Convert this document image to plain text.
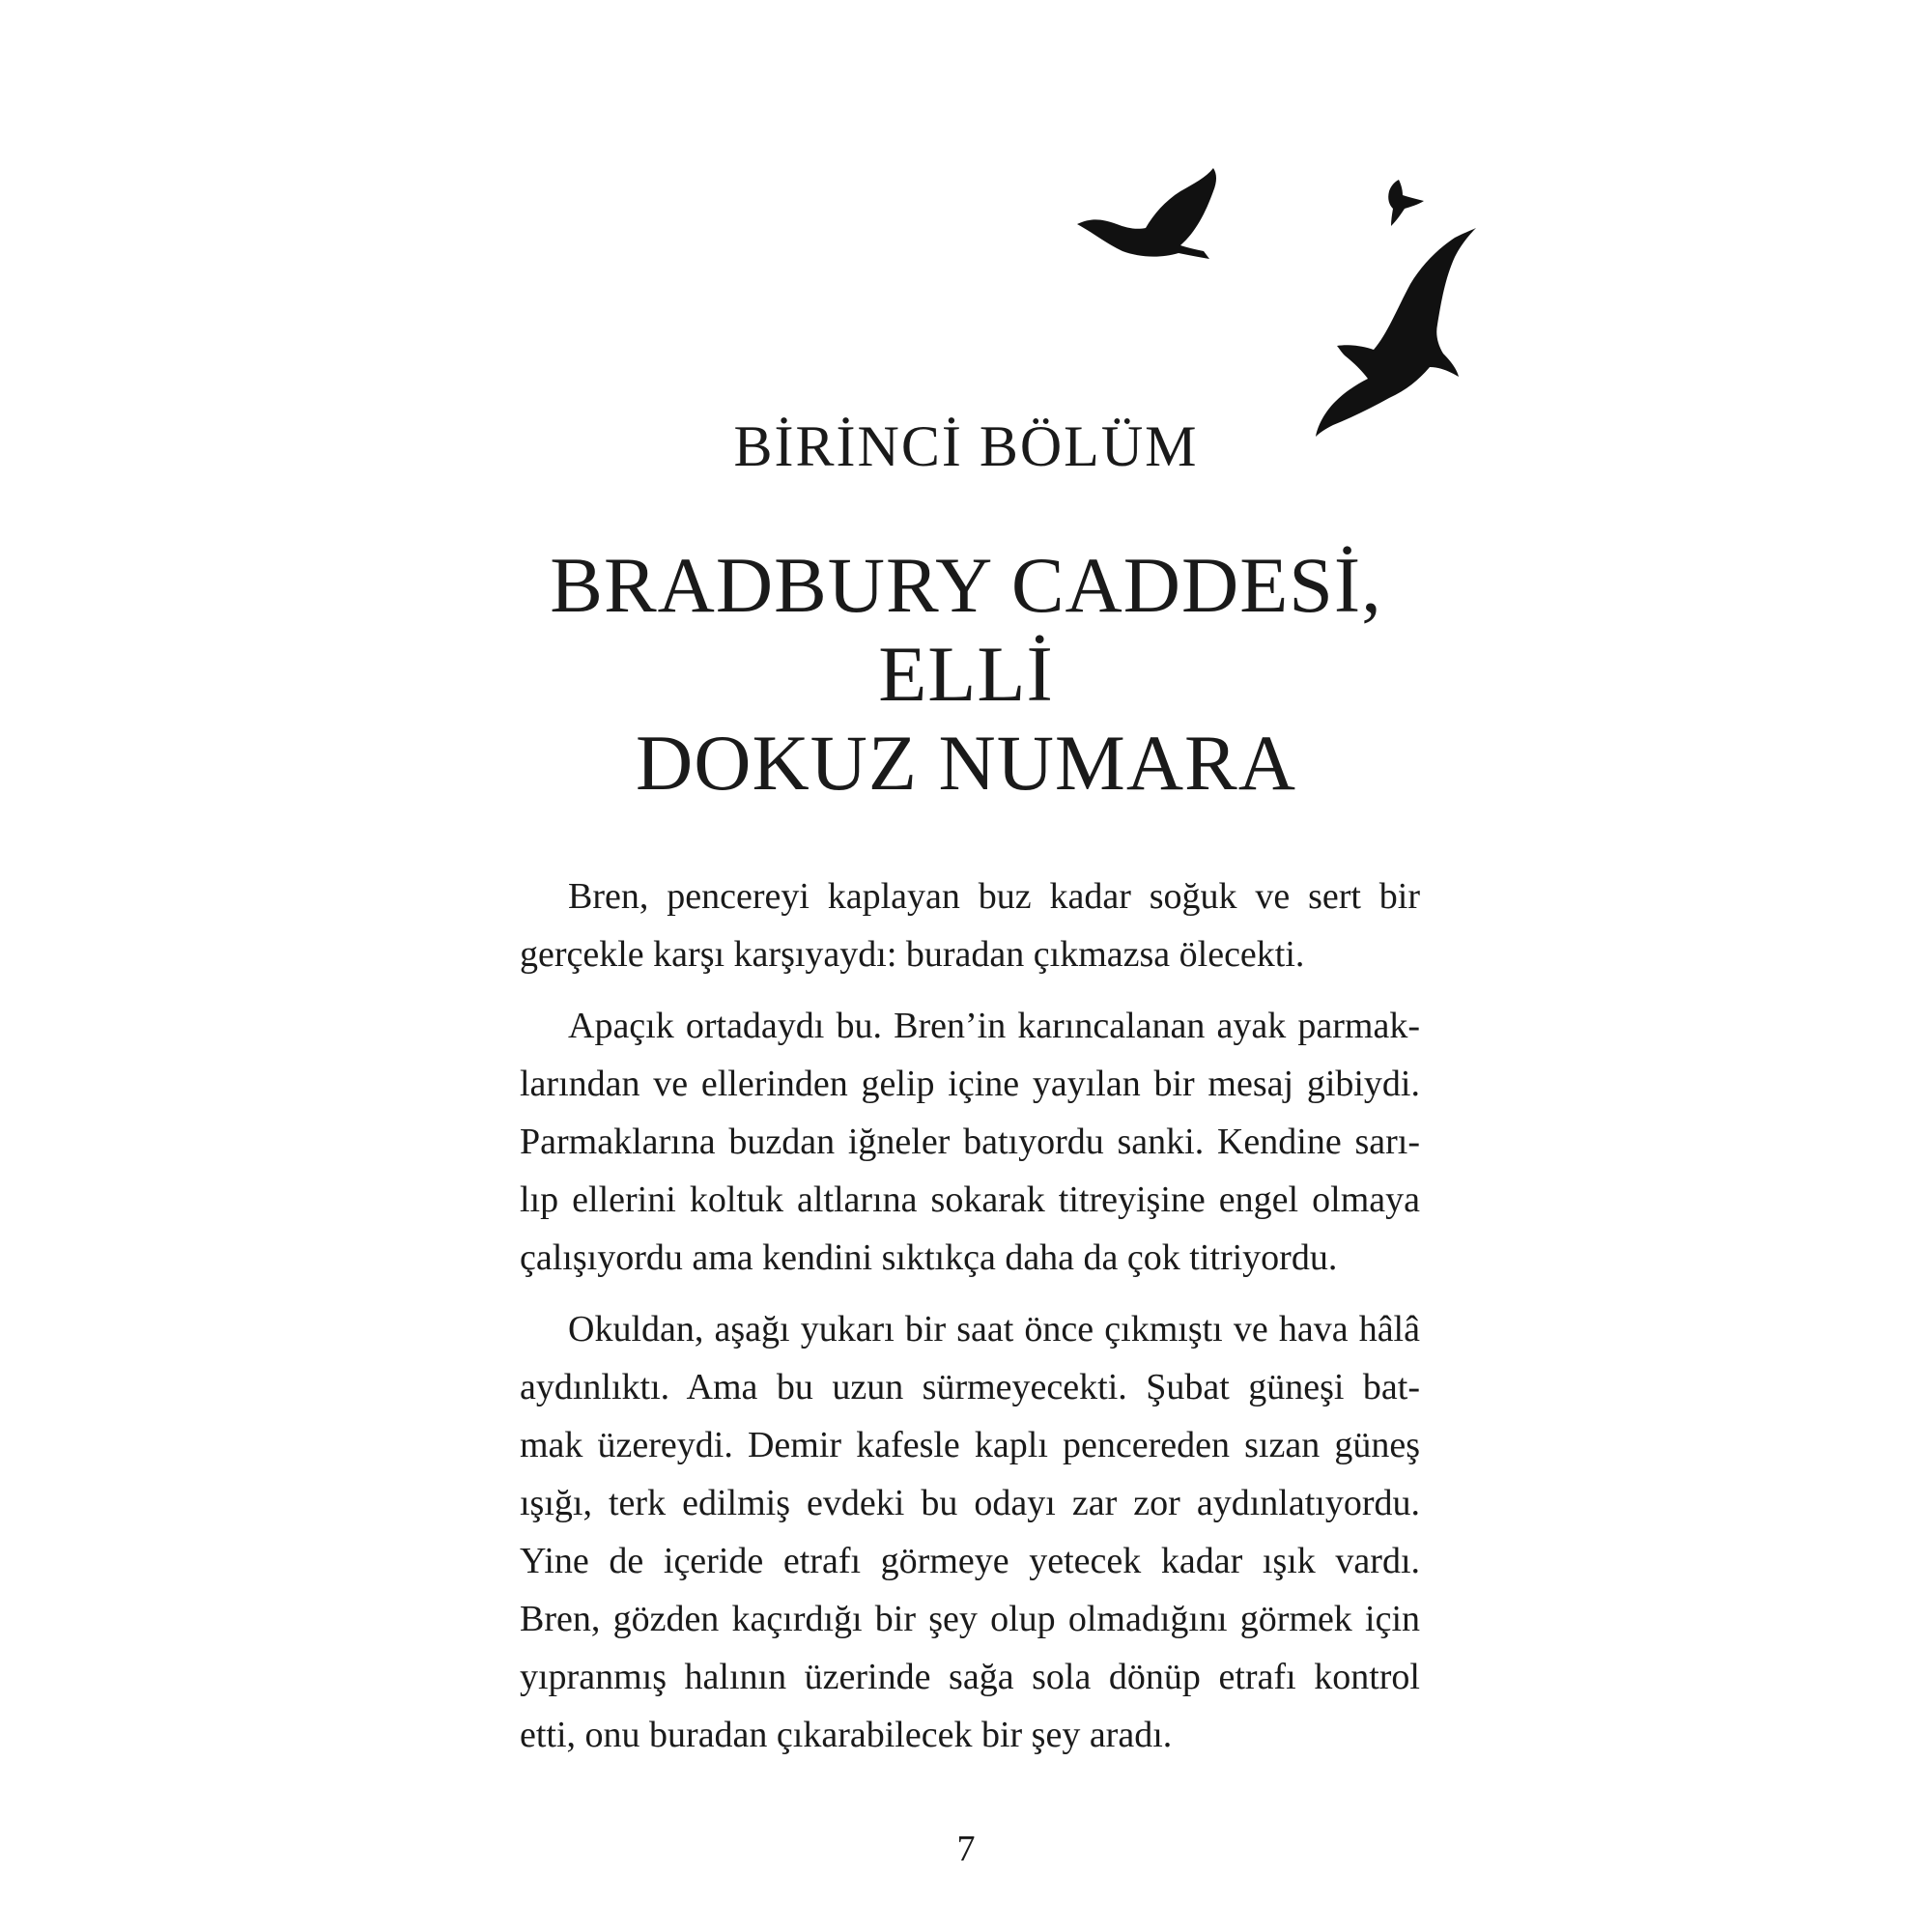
BİRİNCİ BÖLÜM
BRADBURY CADDESİ, ELLİ
DOKUZ NUMARA
Bren, pencereyi kaplayan buz kadar soğuk ve sert bir
gerçekle karşı karşıyaydı: buradan çıkmazsa ölecekti.
Apaçık ortadaydı bu. Bren’in karıncalanan ayak parmak-
larından ve ellerinden gelip içine yayılan bir mesaj gibiydi.
Parmaklarına buzdan iğneler batıyordu sanki. Kendine sarı-
lıp ellerini koltuk altlarına sokarak titreyişine engel olmaya
çalışıyordu ama kendini sıktıkça daha da çok titriyordu.
Okuldan, aşağı yukarı bir saat önce çıkmıştı ve hava hâlâ
aydınlıktı. Ama bu uzun sürmeyecekti. Şubat güneşi bat-
mak üzereydi. Demir kafesle kaplı pencereden sızan güneş
ışığı, terk edilmiş evdeki bu odayı zar zor aydınlatıyordu.
Yine de içeride etrafı görmeye yetecek kadar ışık vardı.
Bren, gözden kaçırdığı bir şey olup olmadığını görmek için
yıpranmış halının üzerinde sağa sola dönüp etrafı kontrol
etti, onu buradan çıkarabilecek bir şey aradı.
7
